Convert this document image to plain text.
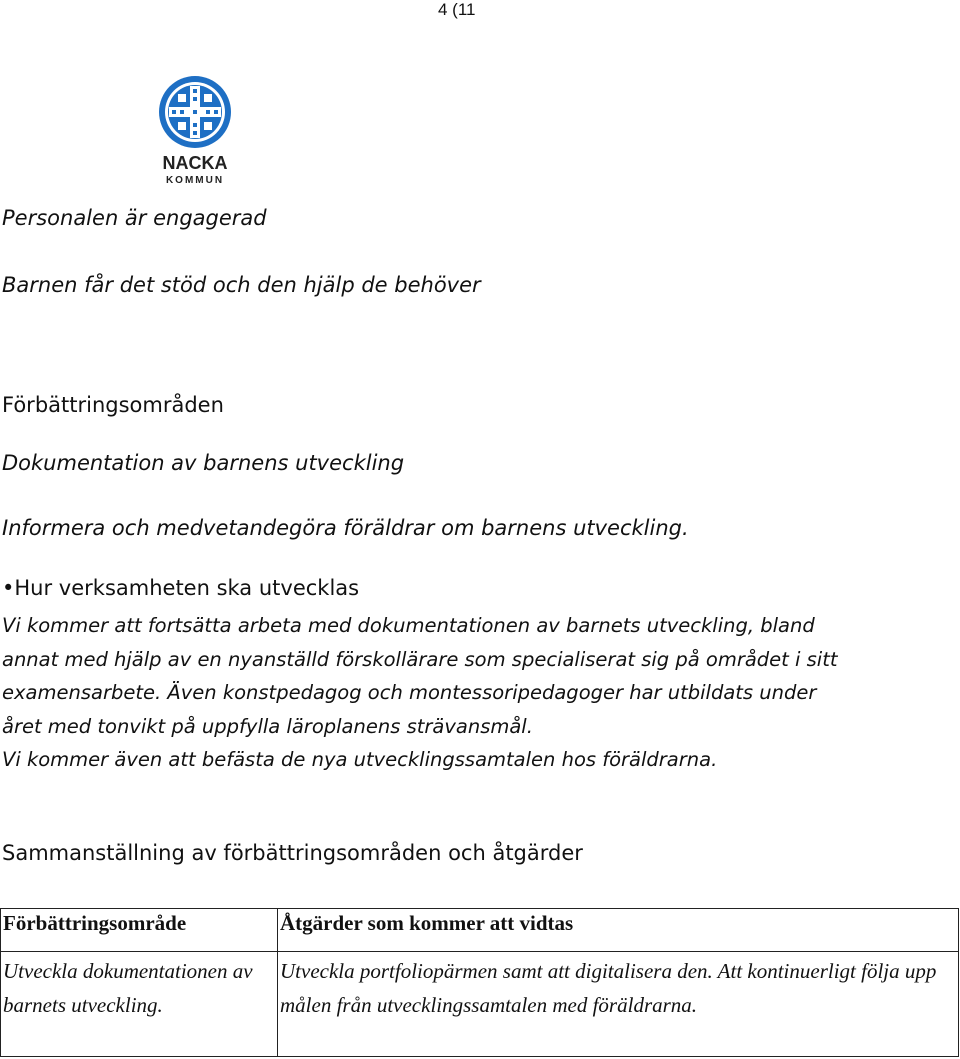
4 (11
NACKA
KOMMUN
Personalen är engagerad
Barnen får det stöd och den hjälp de behöver
Förbättringsområden
Dokumentation av barnens utveckling
Informera och medvetandegöra föräldrar om barnens utveckling.
•Hur verksamheten ska utvecklas
Vi kommer att fortsätta arbeta med dokumentationen av barnets utveckling, bland
annat med hjälp av en nyanställd förskollärare som specialiserat sig på området i sitt
examensarbete. Även konstpedagog och montessoripedagoger har utbildats under
året med tonvikt på uppfylla läroplanens strävansmål.
Vi kommer även att befästa de nya utvecklingssamtalen hos föräldrarna.
Sammanställning av förbättringsområden och åtgärder
Förbättringsområde	Åtgärder som kommer att vidtas
Utveckla dokumentationen av barnets utveckling.	Utveckla portfoliopärmen samt att digitalisera den. Att kontinuerligt följa upp målen från utvecklingssamtalen med föräldrarna.
